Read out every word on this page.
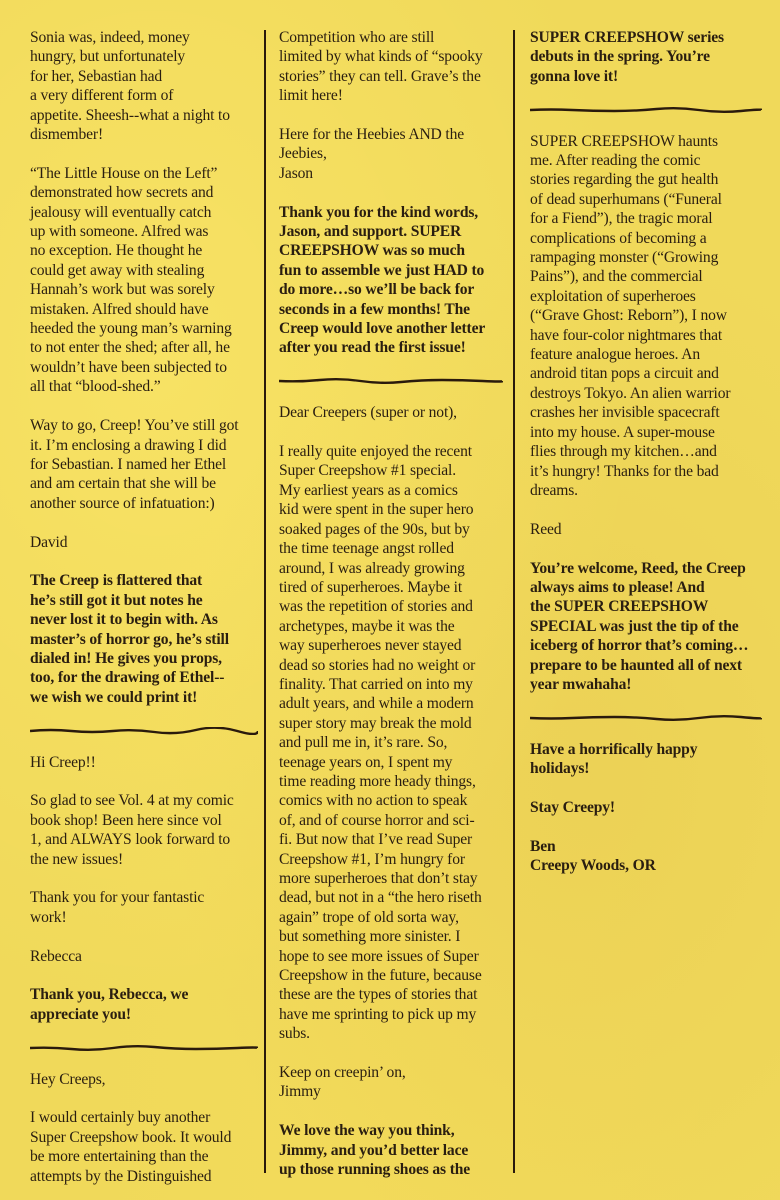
Sonia was, indeed, money
hungry, but unfortunately
for her, Sebastian had
a very different form of
appetite. Sheesh--what a night to
dismember!

“The Little House on the Left”
demonstrated how secrets and
jealousy will eventually catch
up with someone. Alfred was
no exception. He thought he
could get away with stealing
Hannah’s work but was sorely
mistaken. Alfred should have
heeded the young man’s warning
to not enter the shed; after all, he
wouldn’t have been subjected to
all that “blood-shed.”

Way to go, Creep! You’ve still got
it. I’m enclosing a drawing I did
for Sebastian. I named her Ethel
and am certain that she will be
another source of infatuation:)

David

The Creep is flattered that
he’s still got it but notes he
never lost it to begin with. As
master’s of horror go, he’s still
dialed in! He gives you props,
too, for the drawing of Ethel--
we wish we could print it!

Hi Creep!!

So glad to see Vol. 4 at my comic
book shop! Been here since vol
1, and ALWAYS look forward to
the new issues!

Thank you for your fantastic
work!

Rebecca

Thank you, Rebecca, we
appreciate you!

Hey Creeps,

I would certainly buy another
Super Creepshow book. It would
be more entertaining than the
attempts by the Distinguished

Competition who are still
limited by what kinds of “spooky
stories” they can tell. Grave’s the
limit here!

Here for the Heebies AND the
Jeebies,
Jason

Thank you for the kind words,
Jason, and support. SUPER
CREEPSHOW was so much
fun to assemble we just HAD to
do more…so we’ll be back for
seconds in a few months! The
Creep would love another letter
after you read the first issue!

Dear Creepers (super or not),

I really quite enjoyed the recent
Super Creepshow #1 special.
My earliest years as a comics
kid were spent in the super hero
soaked pages of the 90s, but by
the time teenage angst rolled
around, I was already growing
tired of superheroes. Maybe it
was the repetition of stories and
archetypes, maybe it was the
way superheroes never stayed
dead so stories had no weight or
finality. That carried on into my
adult years, and while a modern
super story may break the mold
and pull me in, it’s rare. So,
teenage years on, I spent my
time reading more heady things,
comics with no action to speak
of, and of course horror and sci-
fi. But now that I’ve read Super
Creepshow #1, I’m hungry for
more superheroes that don’t stay
dead, but not in a “the hero riseth
again” trope of old sorta way,
but something more sinister. I
hope to see more issues of Super
Creepshow in the future, because
these are the types of stories that
have me sprinting to pick up my
subs.

Keep on creepin’ on,
Jimmy

We love the way you think,
Jimmy, and you’d better lace
up those running shoes as the

SUPER CREEPSHOW series
debuts in the spring. You’re
gonna love it!

SUPER CREEPSHOW haunts
me. After reading the comic
stories regarding the gut health
of dead superhumans (“Funeral
for a Fiend”), the tragic moral
complications of becoming a
rampaging monster (“Growing
Pains”), and the commercial
exploitation of superheroes
(“Grave Ghost: Reborn”), I now
have four-color nightmares that
feature analogue heroes. An
android titan pops a circuit and
destroys Tokyo. An alien warrior
crashes her invisible spacecraft
into my house. A super-mouse
flies through my kitchen…and
it’s hungry! Thanks for the bad
dreams.

Reed

You’re welcome, Reed, the Creep
always aims to please! And
the SUPER CREEPSHOW
SPECIAL was just the tip of the
iceberg of horror that’s coming…
prepare to be haunted all of next
year mwahaha!

Have a horrifically happy
holidays!

Stay Creepy!

Ben
Creepy Woods, OR
